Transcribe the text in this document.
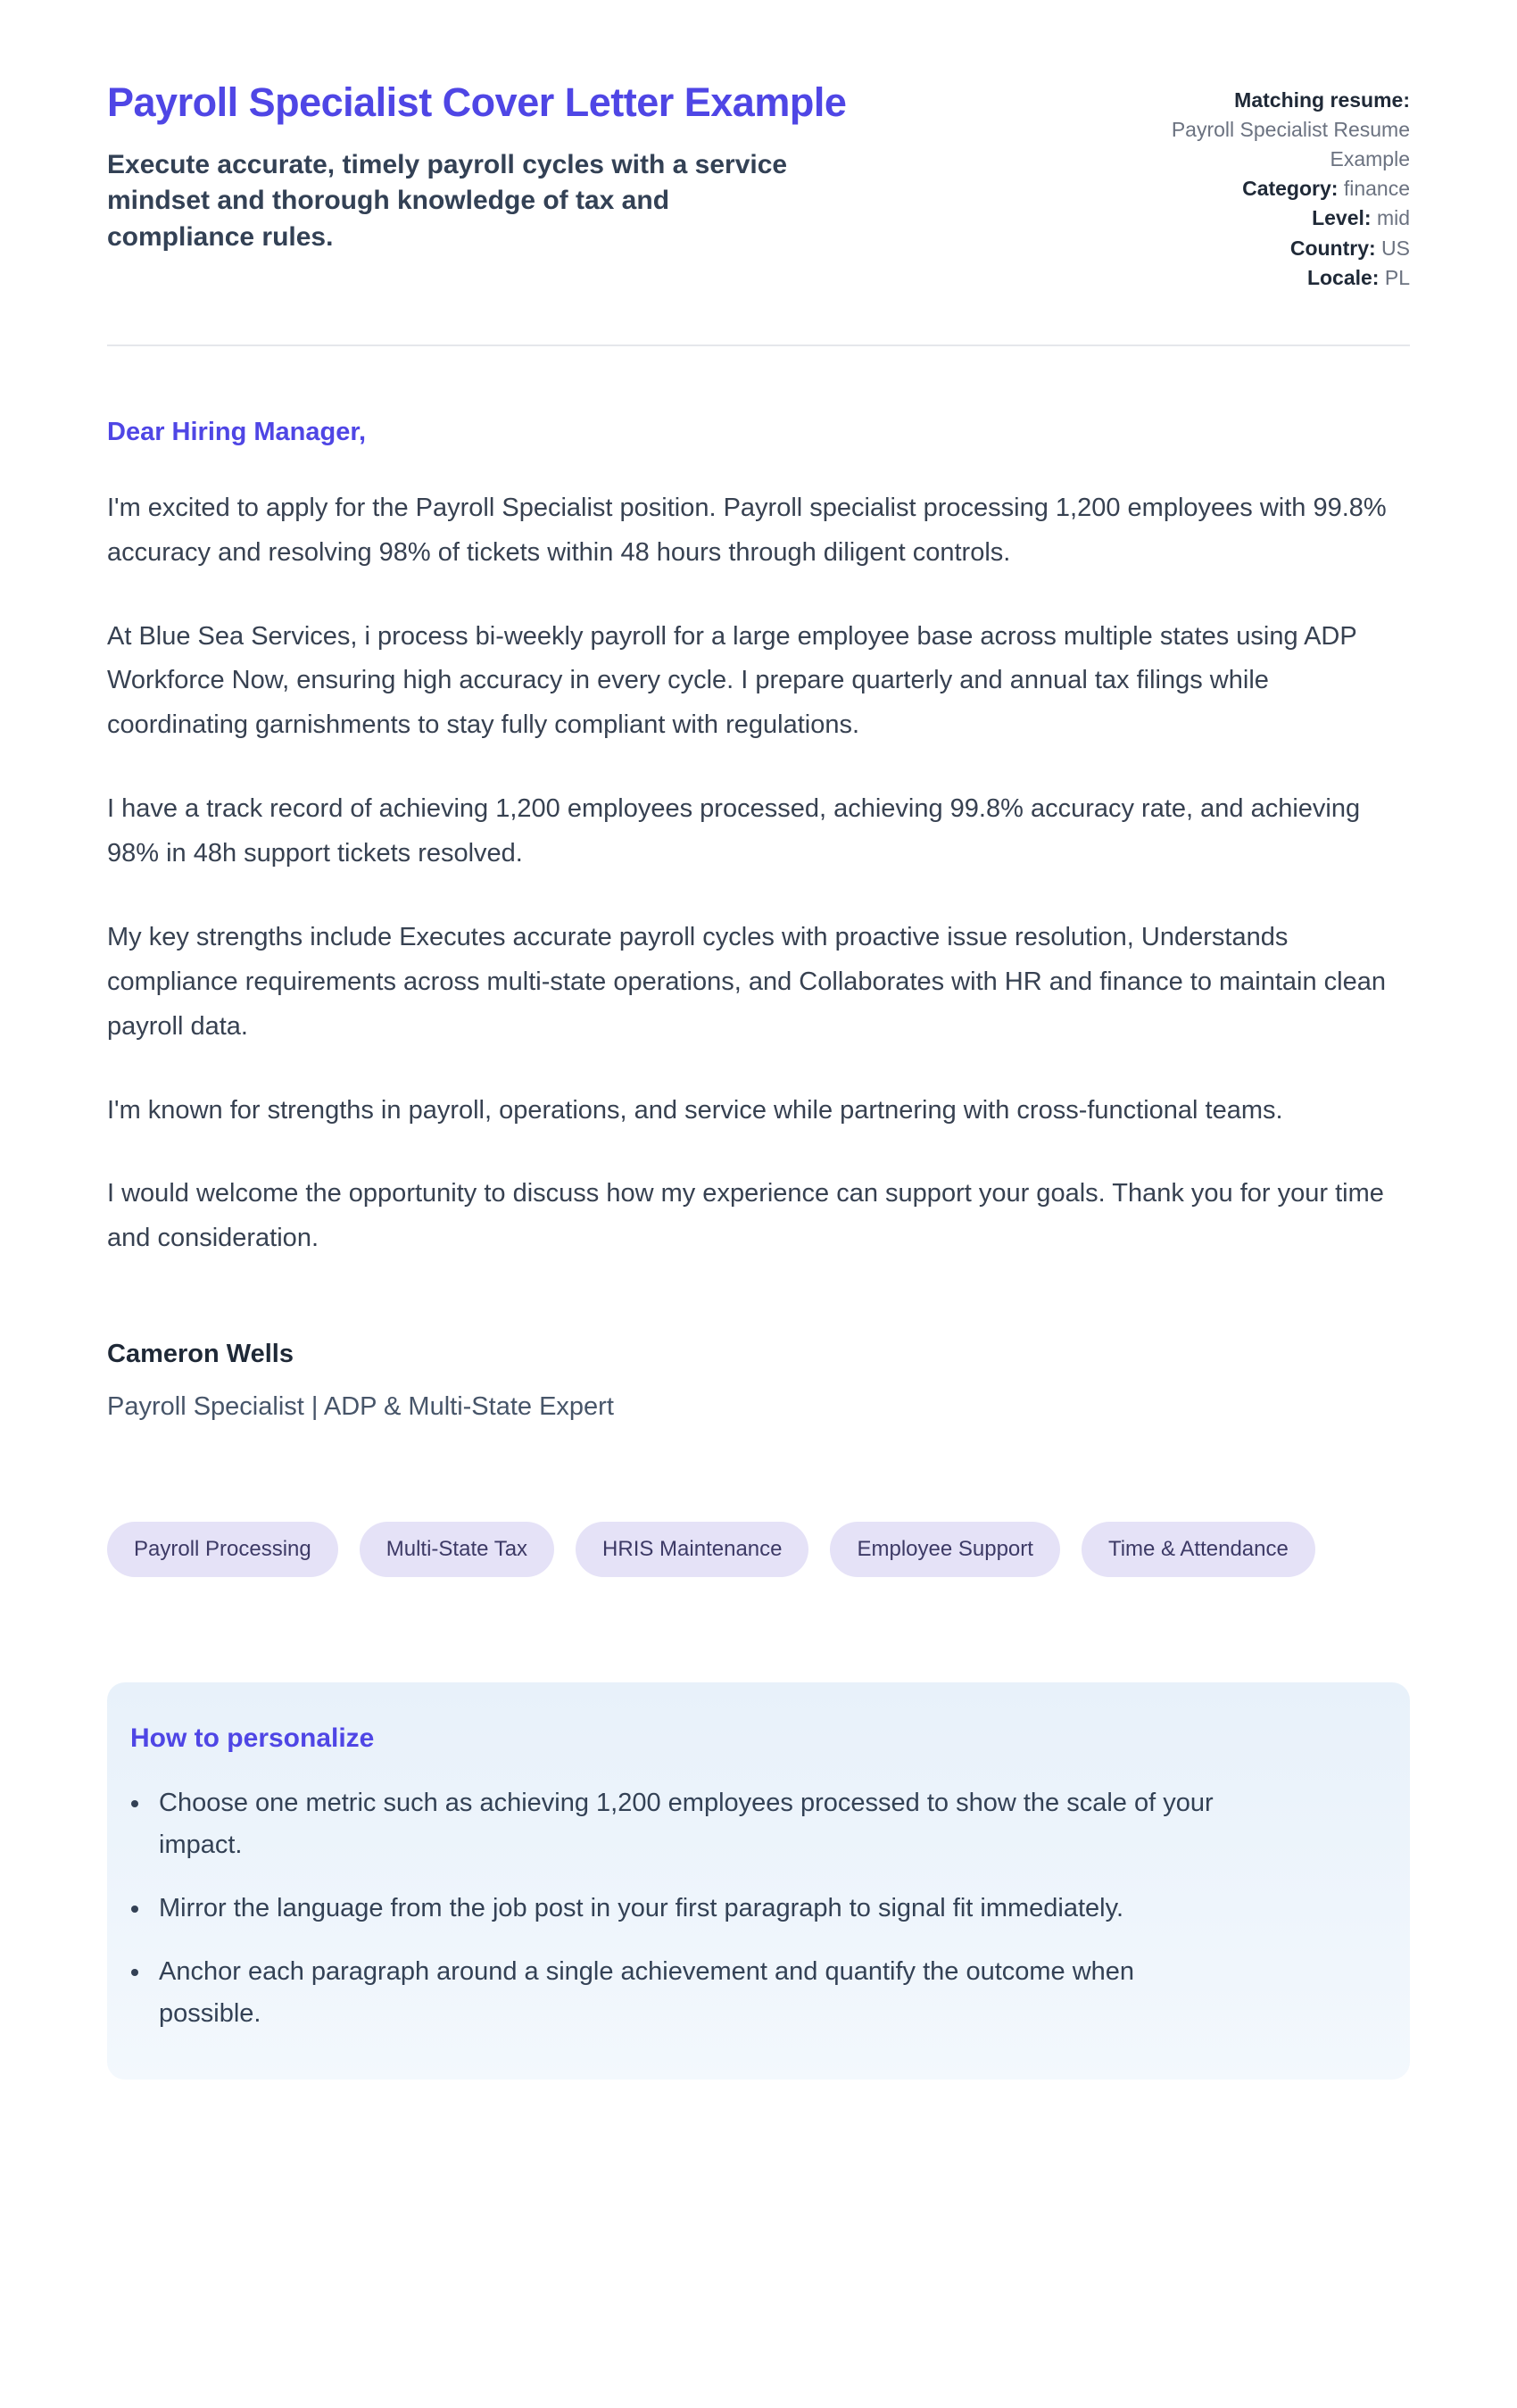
Payroll Specialist Cover Letter Example

Execute accurate, timely payroll cycles with a service mindset and thorough knowledge of tax and compliance rules.

Matching resume: Payroll Specialist Resume Example
Category: finance
Level: mid
Country: US
Locale: PL

Dear Hiring Manager,

I'm excited to apply for the Payroll Specialist position. Payroll specialist processing 1,200 employees with 99.8% accuracy and resolving 98% of tickets within 48 hours through diligent controls.

At Blue Sea Services, i process bi-weekly payroll for a large employee base across multiple states using ADP Workforce Now, ensuring high accuracy in every cycle. I prepare quarterly and annual tax filings while coordinating garnishments to stay fully compliant with regulations.

I have a track record of achieving 1,200 employees processed, achieving 99.8% accuracy rate, and achieving 98% in 48h support tickets resolved.

My key strengths include Executes accurate payroll cycles with proactive issue resolution, Understands compliance requirements across multi-state operations, and Collaborates with HR and finance to maintain clean payroll data.

I'm known for strengths in payroll, operations, and service while partnering with cross-functional teams.

I would welcome the opportunity to discuss how my experience can support your goals. Thank you for your time and consideration.

Cameron Wells

Payroll Specialist | ADP & Multi-State Expert

Payroll Processing	Multi-State Tax	HRIS Maintenance	Employee Support	Time & Attendance
How to personalize
• Choose one metric such as achieving 1,200 employees processed to show the scale of your impact.
• Mirror the language from the job post in your first paragraph to signal fit immediately.
• Anchor each paragraph around a single achievement and quantify the outcome when possible.
